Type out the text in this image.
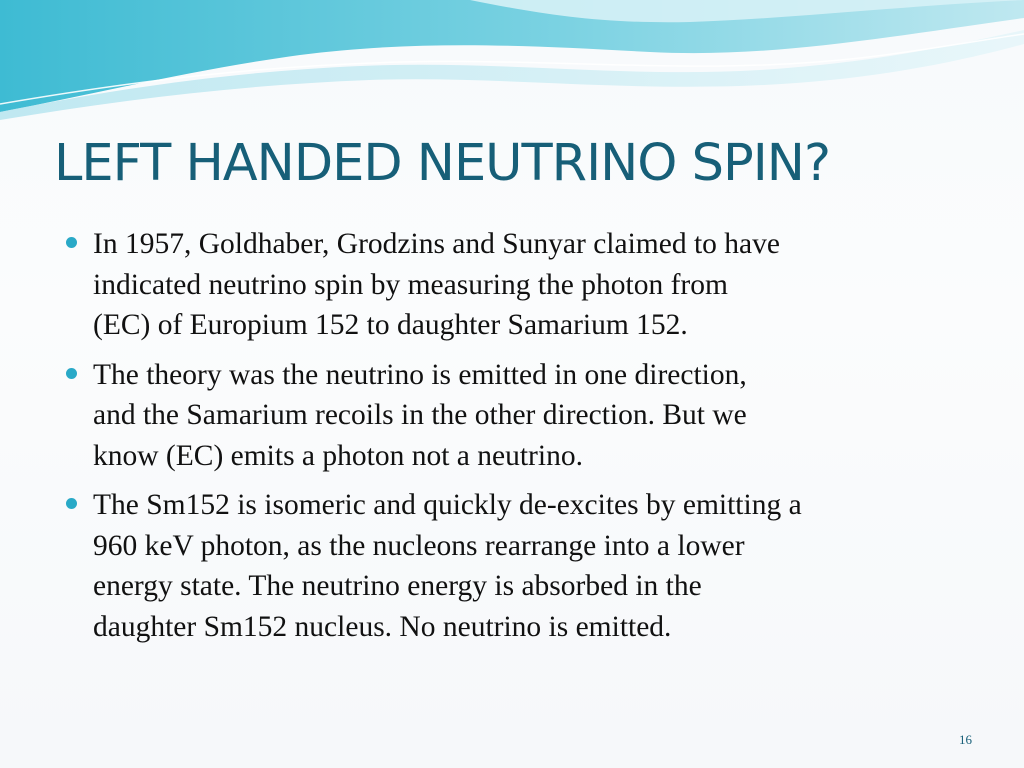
LEFT HANDED NEUTRINO SPIN?
In 1957, Goldhaber, Grodzins and Sunyar claimed to have
indicated neutrino spin by measuring the photon from
(EC) of Europium 152 to daughter Samarium 152.
The theory was the neutrino is emitted in one direction,
and the Samarium recoils in the other direction. But we
know (EC) emits a photon not a neutrino.
The Sm152 is isomeric and quickly de-excites by emitting a
960 keV photon, as the nucleons rearrange into a lower
energy state. The neutrino energy is absorbed in the
daughter Sm152 nucleus. No neutrino is emitted.
16
